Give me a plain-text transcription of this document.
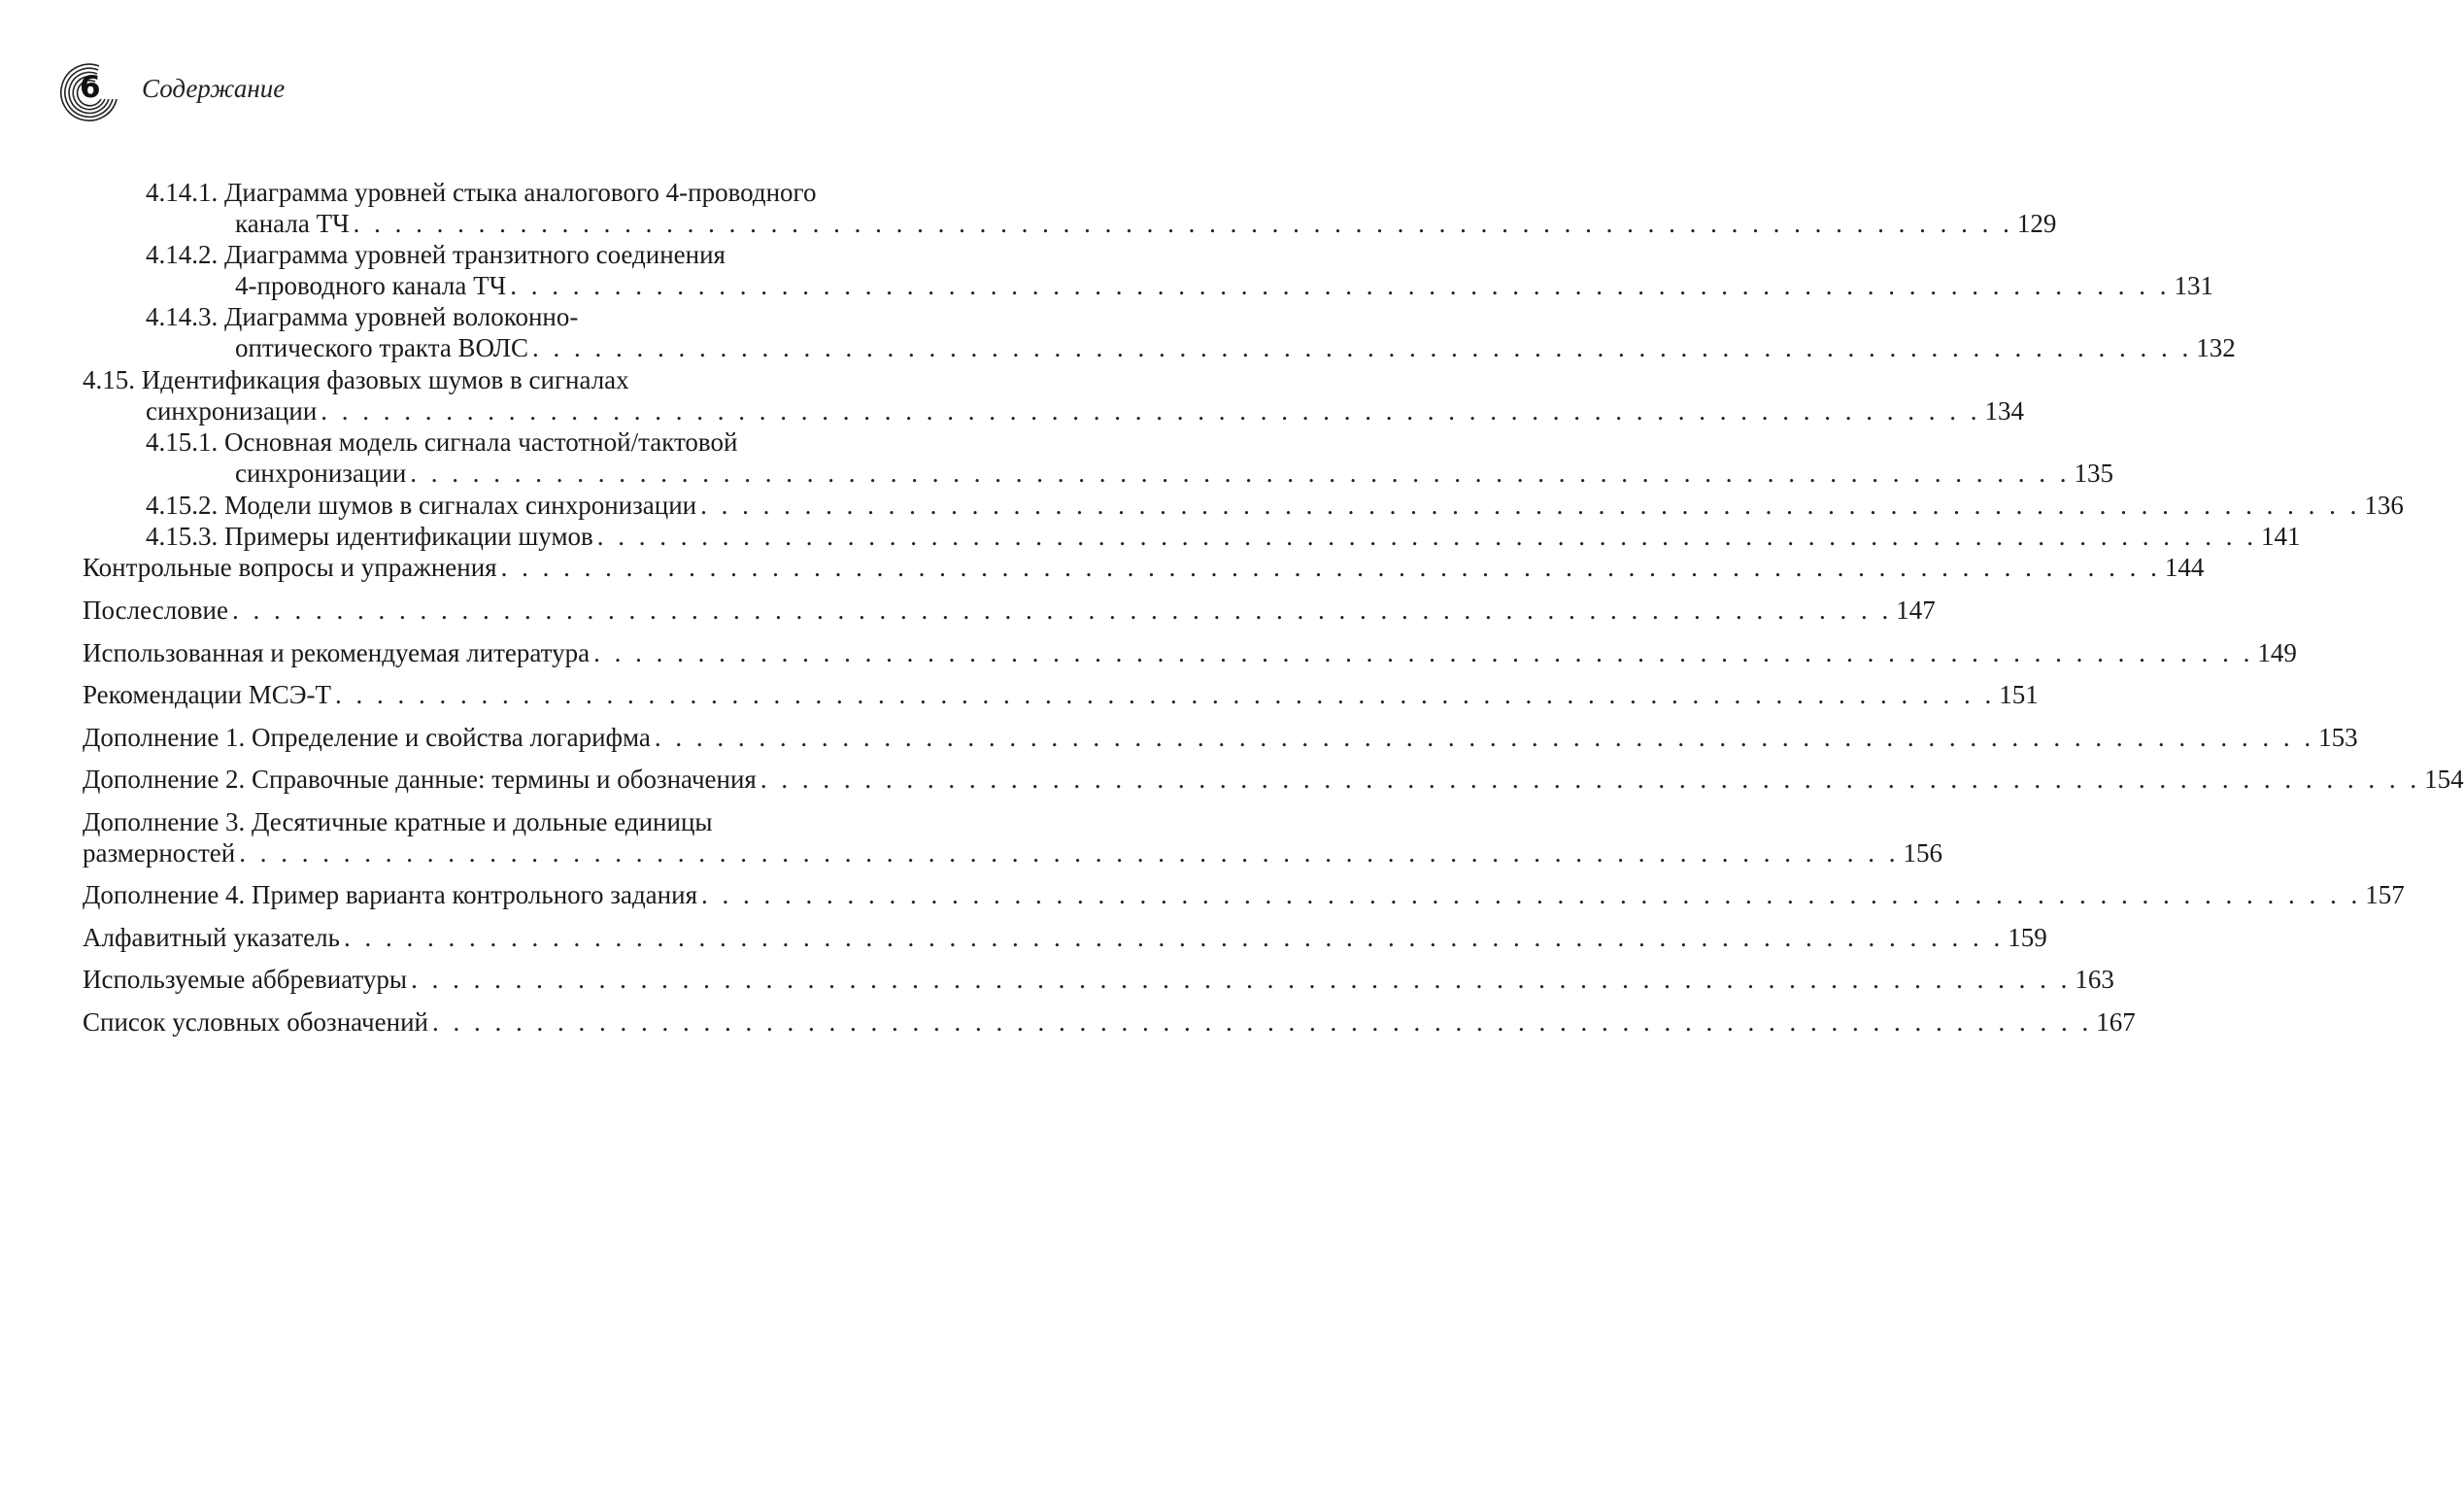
6 Содержание
4.14.1. Диаграмма уровней стыка аналогового 4-проводного
канала ТЧ . . . . . . . . . . . . . . . . . . . . . . . . . . . . . . . . . . . . . . . . . . . . . . . . . . . . . . . . . . . . . . . . . . . . . . . . . . . . . . . . 129
4.14.2. Диаграмма уровней транзитного соединения
4-проводного канала ТЧ . . . . . . . . . . . . . . . . . . . . . . . . . . . . . . . . . . . . . . . . . . . . . . . . . . . . . . . . . . . . . . . . . . . . . . . . . . . . . . . . 131
4.14.3. Диаграмма уровней волоконно-
оптического тракта ВОЛС . . . . . . . . . . . . . . . . . . . . . . . . . . . . . . . . . . . . . . . . . . . . . . . . . . . . . . . . . . . . . . . . . . . . . . . . . . . . . . . . 132
4.15. Идентификация фазовых шумов в сигналах
синхронизации . . . . . . . . . . . . . . . . . . . . . . . . . . . . . . . . . . . . . . . . . . . . . . . . . . . . . . . . . . . . . . . . . . . . . . . . . . . . . . . . 134
4.15.1. Основная модель сигнала частотной/тактовой
синхронизации . . . . . . . . . . . . . . . . . . . . . . . . . . . . . . . . . . . . . . . . . . . . . . . . . . . . . . . . . . . . . . . . . . . . . . . . . . . . . . . . 135
4.15.2. Модели шумов в сигналах синхронизации . . . . . . . . . . . . . . . . . . . . . . . . . . . . . . . . . . . . . . . . . . . . . . . . . . . . . . . . . . . . . . . . . . . . . . . . . . . . . . . . 136
4.15.3. Примеры идентификации шумов . . . . . . . . . . . . . . . . . . . . . . . . . . . . . . . . . . . . . . . . . . . . . . . . . . . . . . . . . . . . . . . . . . . . . . . . . . . . . . . . 141
Контрольные вопросы и упражнения . . . . . . . . . . . . . . . . . . . . . . . . . . . . . . . . . . . . . . . . . . . . . . . . . . . . . . . . . . . . . . . . . . . . . . . . . . . . . . . . 144
Послесловие . . . . . . . . . . . . . . . . . . . . . . . . . . . . . . . . . . . . . . . . . . . . . . . . . . . . . . . . . . . . . . . . . . . . . . . . . . . . . . . . 147
Использованная и рекомендуемая литература . . . . . . . . . . . . . . . . . . . . . . . . . . . . . . . . . . . . . . . . . . . . . . . . . . . . . . . . . . . . . . . . . . . . . . . . . . . . . . . . 149
Рекомендации МСЭ-Т . . . . . . . . . . . . . . . . . . . . . . . . . . . . . . . . . . . . . . . . . . . . . . . . . . . . . . . . . . . . . . . . . . . . . . . . . . . . . . . . 151
Дополнение 1. Определение и свойства логарифма . . . . . . . . . . . . . . . . . . . . . . . . . . . . . . . . . . . . . . . . . . . . . . . . . . . . . . . . . . . . . . . . . . . . . . . . . . . . . . . . 153
Дополнение 2. Справочные данные: термины и обозначения . . . . . . . . . . . . . . . . . . . . . . . . . . . . . . . . . . . . . . . . . . . . . . . . . . . . . . . . . . . . . . . . . . . . . . . . . . . . . . . . 154
Дополнение 3. Десятичные кратные и дольные единицы
размерностей . . . . . . . . . . . . . . . . . . . . . . . . . . . . . . . . . . . . . . . . . . . . . . . . . . . . . . . . . . . . . . . . . . . . . . . . . . . . . . . . 156
Дополнение 4. Пример варианта контрольного задания . . . . . . . . . . . . . . . . . . . . . . . . . . . . . . . . . . . . . . . . . . . . . . . . . . . . . . . . . . . . . . . . . . . . . . . . . . . . . . . . 157
Алфавитный указатель . . . . . . . . . . . . . . . . . . . . . . . . . . . . . . . . . . . . . . . . . . . . . . . . . . . . . . . . . . . . . . . . . . . . . . . . . . . . . . . . 159
Используемые аббревиатуры . . . . . . . . . . . . . . . . . . . . . . . . . . . . . . . . . . . . . . . . . . . . . . . . . . . . . . . . . . . . . . . . . . . . . . . . . . . . . . . . 163
Список условных обозначений . . . . . . . . . . . . . . . . . . . . . . . . . . . . . . . . . . . . . . . . . . . . . . . . . . . . . . . . . . . . . . . . . . . . . . . . . . . . . . . . 167
